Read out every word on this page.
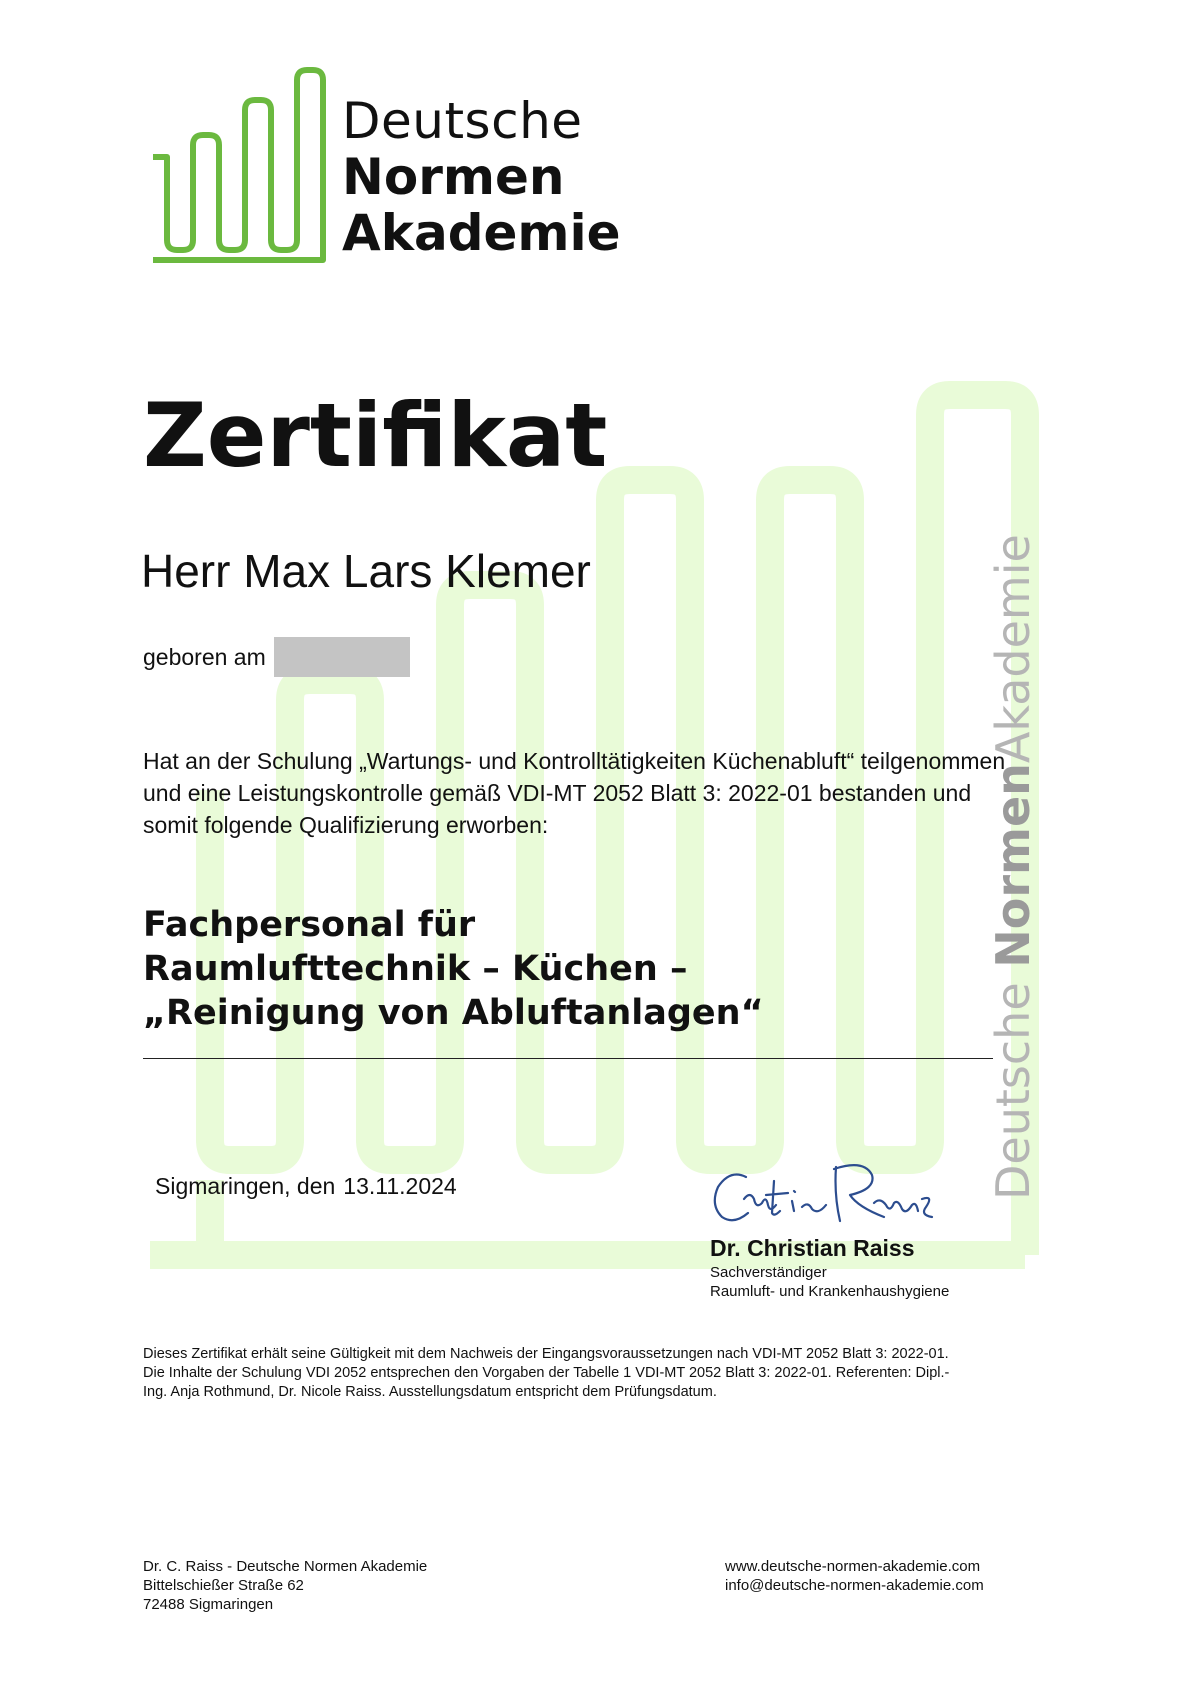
Deutsche
Normen
Akademie
Deutsche NormenAkademie
Zertifikat
Herr Max Lars Klemer
geboren am
Hat an der Schulung „Wartungs- und Kontrolltätigkeiten Küchenabluft“ teilgenommen
und eine Leistungskontrolle gemäß VDI-MT 2052 Blatt 3: 2022-01 bestanden und
somit folgende Qualifizierung erworben:
Fachpersonal für
Raumlufttechnik – Küchen –
„Reinigung von Abluftanlagen“
Sigmaringen, den 13.11.2024
Dr. Christian Raiss
Sachverständiger
Raumluft- und Krankenhaushygiene
Dieses Zertifikat erhält seine Gültigkeit mit dem Nachweis der Eingangsvoraussetzungen nach VDI-MT 2052 Blatt 3: 2022-01.
Die Inhalte der Schulung VDI 2052 entsprechen den Vorgaben der Tabelle 1 VDI-MT 2052 Blatt 3: 2022-01. Referenten: Dipl.-
Ing. Anja Rothmund, Dr. Nicole Raiss. Ausstellungsdatum entspricht dem Prüfungsdatum.
Dr. C. Raiss - Deutsche Normen Akademie
Bittelschießer Straße 62
72488 Sigmaringen
www.deutsche-normen-akademie.com
info@deutsche-normen-akademie.com
